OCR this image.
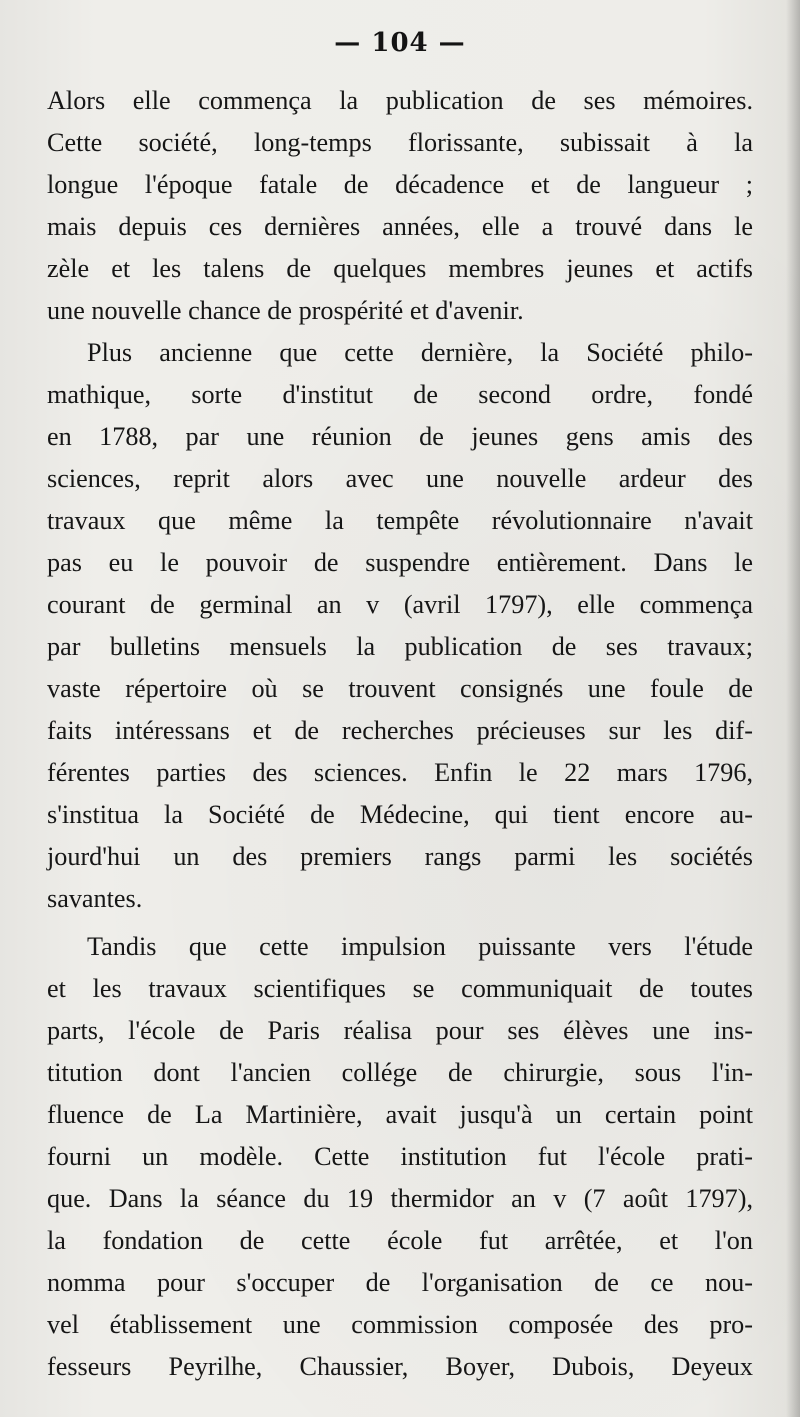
— 104 —
Alors elle commença la publication de ses mémoires.
Cette société, long-temps florissante, subissait à la
longue l'époque fatale de décadence et de langueur ;
mais depuis ces dernières années, elle a trouvé dans le
zèle et les talens de quelques membres jeunes et actifs
une nouvelle chance de prospérité et d'avenir.
Plus ancienne que cette dernière, la Société philo-
mathique, sorte d'institut de second ordre, fondé
en 1788, par une réunion de jeunes gens amis des
sciences, reprit alors avec une nouvelle ardeur des
travaux que même la tempête révolutionnaire n'avait
pas eu le pouvoir de suspendre entièrement. Dans le
courant de germinal an v (avril 1797), elle commença
par bulletins mensuels la publication de ses travaux;
vaste répertoire où se trouvent consignés une foule de
faits intéressans et de recherches précieuses sur les dif-
férentes parties des sciences. Enfin le 22 mars 1796,
s'institua la Société de Médecine, qui tient encore au-
jourd'hui un des premiers rangs parmi les sociétés
savantes.
Tandis que cette impulsion puissante vers l'étude
et les travaux scientifiques se communiquait de toutes
parts, l'école de Paris réalisa pour ses élèves une ins-
titution dont l'ancien collége de chirurgie, sous l'in-
fluence de La Martinière, avait jusqu'à un certain point
fourni un modèle. Cette institution fut l'école prati-
que. Dans la séance du 19 thermidor an v (7 août 1797),
la fondation de cette école fut arrêtée, et l'on
nomma pour s'occuper de l'organisation de ce nou-
vel établissement une commission composée des pro-
fesseurs Peyrilhe, Chaussier, Boyer, Dubois, Deyeux
